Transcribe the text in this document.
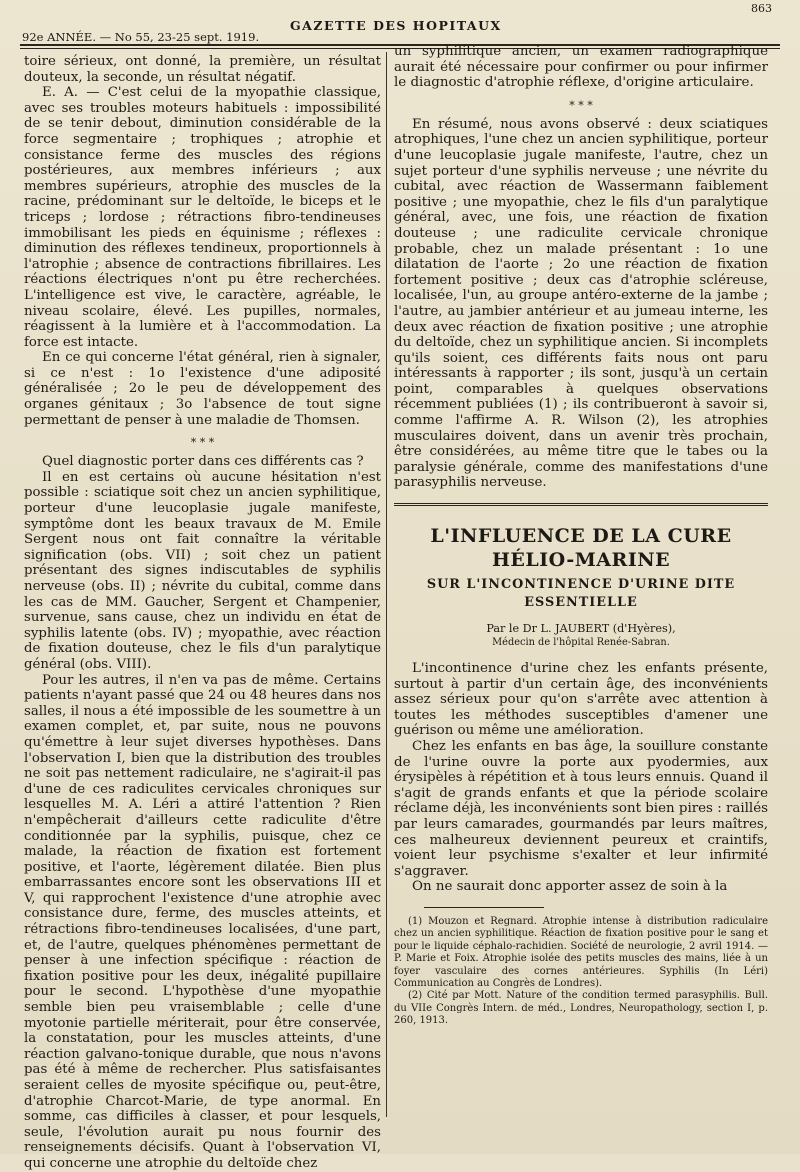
92e ANNÉE. — No 55, 23-25 sept. 1919.
GAZETTE DES HOPITAUX
863

toire sérieux, ont donné, la première, un résultat douteux, la seconde, un résultat négatif.

E. A. — C'est celui de la myopathie classique, avec ses troubles moteurs habituels : impossibilité de se tenir debout, diminution considérable de la force segmentaire ; trophiques ; atrophie et consistance ferme des muscles des régions postérieures, aux membres inférieurs ; aux membres supérieurs, atrophie des muscles de la racine, prédominant sur le deltoïde, le biceps et le triceps ; lordose ; rétractions fibro-tendineuses immobilisant les pieds en équinisme ; réflexes : diminution des réflexes tendineux, proportionnels à l'atrophie ; absence de contractions fibrillaires. Les réactions électriques n'ont pu être recherchées. L'intelligence est vive, le caractère, agréable, le niveau scolaire, élevé. Les pupilles, normales, réagissent à la lumière et à l'accommodation. La force est intacte.

En ce qui concerne l'état général, rien à signaler, si ce n'est : 1o l'existence d'une adiposité généralisée ; 2o le peu de développement des organes génitaux ; 3o l'absence de tout signe permettant de penser à une maladie de Thomsen.

* * *

Quel diagnostic porter dans ces différents cas ?

Il en est certains où aucune hésitation n'est possible : sciatique soit chez un ancien syphilitique, porteur d'une leucoplasie jugale manifeste, symptôme dont les beaux travaux de M. Emile Sergent nous ont fait connaître la véritable signification (obs. VII) ; soit chez un patient présentant des signes indiscutables de syphilis nerveuse (obs. II) ; névrite du cubital, comme dans les cas de MM. Gaucher, Sergent et Champenier, survenue, sans cause, chez un individu en état de syphilis latente (obs. IV) ; myopathie, avec réaction de fixation douteuse, chez le fils d'un paralytique général (obs. VIII).

Pour les autres, il n'en va pas de même. Certains patients n'ayant passé que 24 ou 48 heures dans nos salles, il nous a été impossible de les soumettre à un examen complet, et, par suite, nous ne pouvons qu'émettre à leur sujet diverses hypothèses. Dans l'observation I, bien que la distribution des troubles ne soit pas nettement radiculaire, ne s'agirait-il pas d'une de ces radiculites cervicales chroniques sur lesquelles M. A. Léri a attiré l'attention ? Rien n'empêcherait d'ailleurs cette radiculite d'être conditionnée par la syphilis, puisque, chez ce malade, la réaction de fixation est fortement positive, et l'aorte, légèrement dilatée. Bien plus embarrassantes encore sont les observations III et V, qui rapprochent l'existence d'une atrophie avec consistance dure, ferme, des muscles atteints, et rétractions fibro-tendineuses localisées, d'une part, et, de l'autre, quelques phénomènes permettant de penser à une infection spécifique : réaction de fixation positive pour les deux, inégalité pupillaire pour le second. L'hypothèse d'une myopathie semble bien peu vraisemblable ; celle d'une myotonie partielle mériterait, pour être conservée, la constatation, pour les muscles atteints, d'une réaction galvano-tonique durable, que nous n'avons pas été à même de rechercher. Plus satisfaisantes seraient celles de myosite spécifique ou, peut-être, d'atrophie Charcot-Marie, de type anormal. En somme, cas difficiles à classer, et pour lesquels, seule, l'évolution aurait pu nous fournir des renseignements décisifs. Quant à l'observation VI, qui concerne une atrophie du deltoïde chez

un syphilitique ancien, un examen radiographique aurait été nécessaire pour confirmer ou pour infirmer le diagnostic d'atrophie réflexe, d'origine articulaire.

* * *

En résumé, nous avons observé : deux sciatiques atrophiques, l'une chez un ancien syphilitique, porteur d'une leucoplasie jugale manifeste, l'autre, chez un sujet porteur d'une syphilis nerveuse ; une névrite du cubital, avec réaction de Wassermann faiblement positive ; une myopathie, chez le fils d'un paralytique général, avec, une fois, une réaction de fixation douteuse ; une radiculite cervicale chronique probable, chez un malade présentant : 1o une dilatation de l'aorte ; 2o une réaction de fixation fortement positive ; deux cas d'atrophie scléreuse, localisée, l'un, au groupe antéro-externe de la jambe ; l'autre, au jambier antérieur et au jumeau interne, les deux avec réaction de fixation positive ; une atrophie du deltoïde, chez un syphilitique ancien. Si incomplets qu'ils soient, ces différents faits nous ont paru intéressants à rapporter ; ils sont, jusqu'à un certain point, comparables à quelques observations récemment publiées (1) ; ils contribueront à savoir si, comme l'affirme A. R. Wilson (2), les atrophies musculaires doivent, dans un avenir très prochain, être considérées, au même titre que le tabes ou la paralysie générale, comme des manifestations d'une parasyphilis nerveuse.

L'INFLUENCE DE LA CURE HÉLIO-MARINE
SUR L'INCONTINENCE D'URINE DITE ESSENTIELLE
Par le Dr L. JAUBERT (d'Hyères),
Médecin de l'hôpital Renée-Sabran.

L'incontinence d'urine chez les enfants présente, surtout à partir d'un certain âge, des inconvénients assez sérieux pour qu'on s'arrête avec attention à toutes les méthodes susceptibles d'amener une guérison ou même une amélioration.

Chez les enfants en bas âge, la souillure constante de l'urine ouvre la porte aux pyodermies, aux érysipèles à répétition et à tous leurs ennuis. Quand il s'agit de grands enfants et que la période scolaire réclame déjà, les inconvénients sont bien pires : raillés par leurs camarades, gourmandés par leurs maîtres, ces malheureux deviennent peureux et craintifs, voient leur psychisme s'exalter et leur infirmité s'aggraver.

On ne saurait donc apporter assez de soin à la

(1) Mouzon et Regnard. Atrophie intense à distribution radiculaire chez un ancien syphilitique. Réaction de fixation positive pour le sang et pour le liquide céphalo-rachidien. Société de neurologie, 2 avril 1914. — P. Marie et Foix. Atrophie isolée des petits muscles des mains, liée à un foyer vasculaire des cornes antérieures. Syphilis (In Léri) Communication au Congrès de Londres).

(2) Cité par Mott. Nature of the condition termed parasyphilis. Bull. du VIIe Congrès Intern. de méd., Londres, Neuropathology, section I, p. 260, 1913.
